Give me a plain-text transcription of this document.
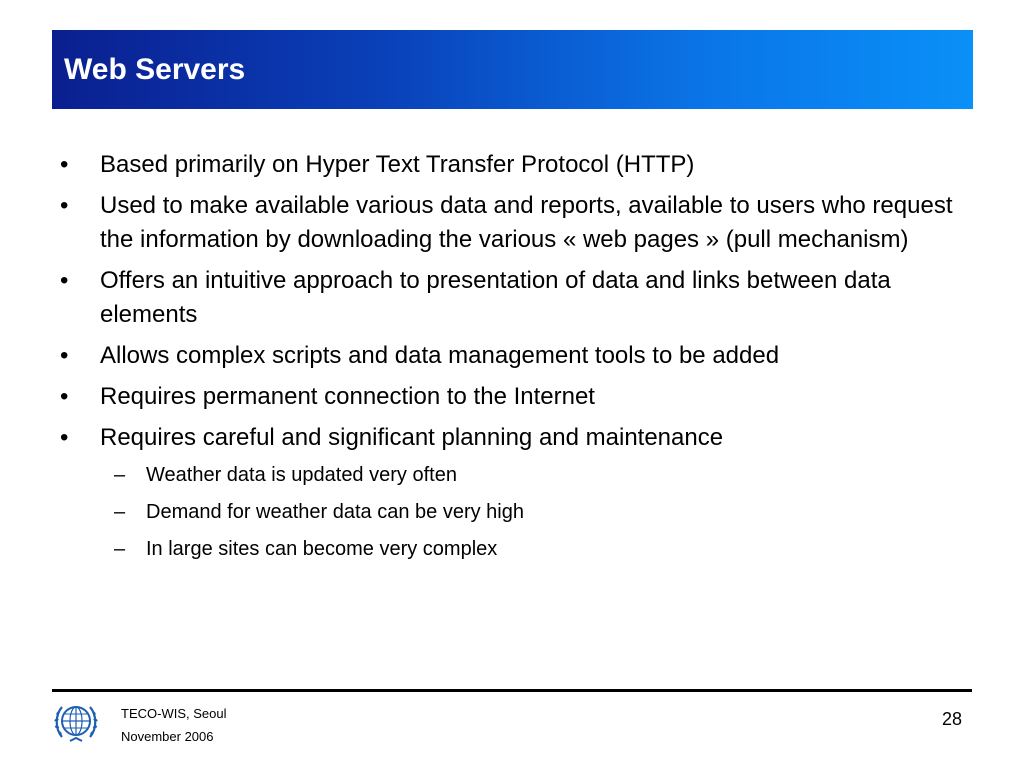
Web Servers
• Based primarily on Hyper Text Transfer Protocol (HTTP)
• Used to make available various data and reports, available to users who request the information by downloading the various « web pages » (pull mechanism)
• Offers an intuitive approach to presentation of data and links between data elements
• Allows complex scripts and data management tools to be added
• Requires permanent connection to the Internet
• Requires careful and significant planning and maintenance
– Weather data is updated very often
– Demand for weather data can be very high
– In large sites can become very complex
TECO-WIS, Seoul
November 2006
28
